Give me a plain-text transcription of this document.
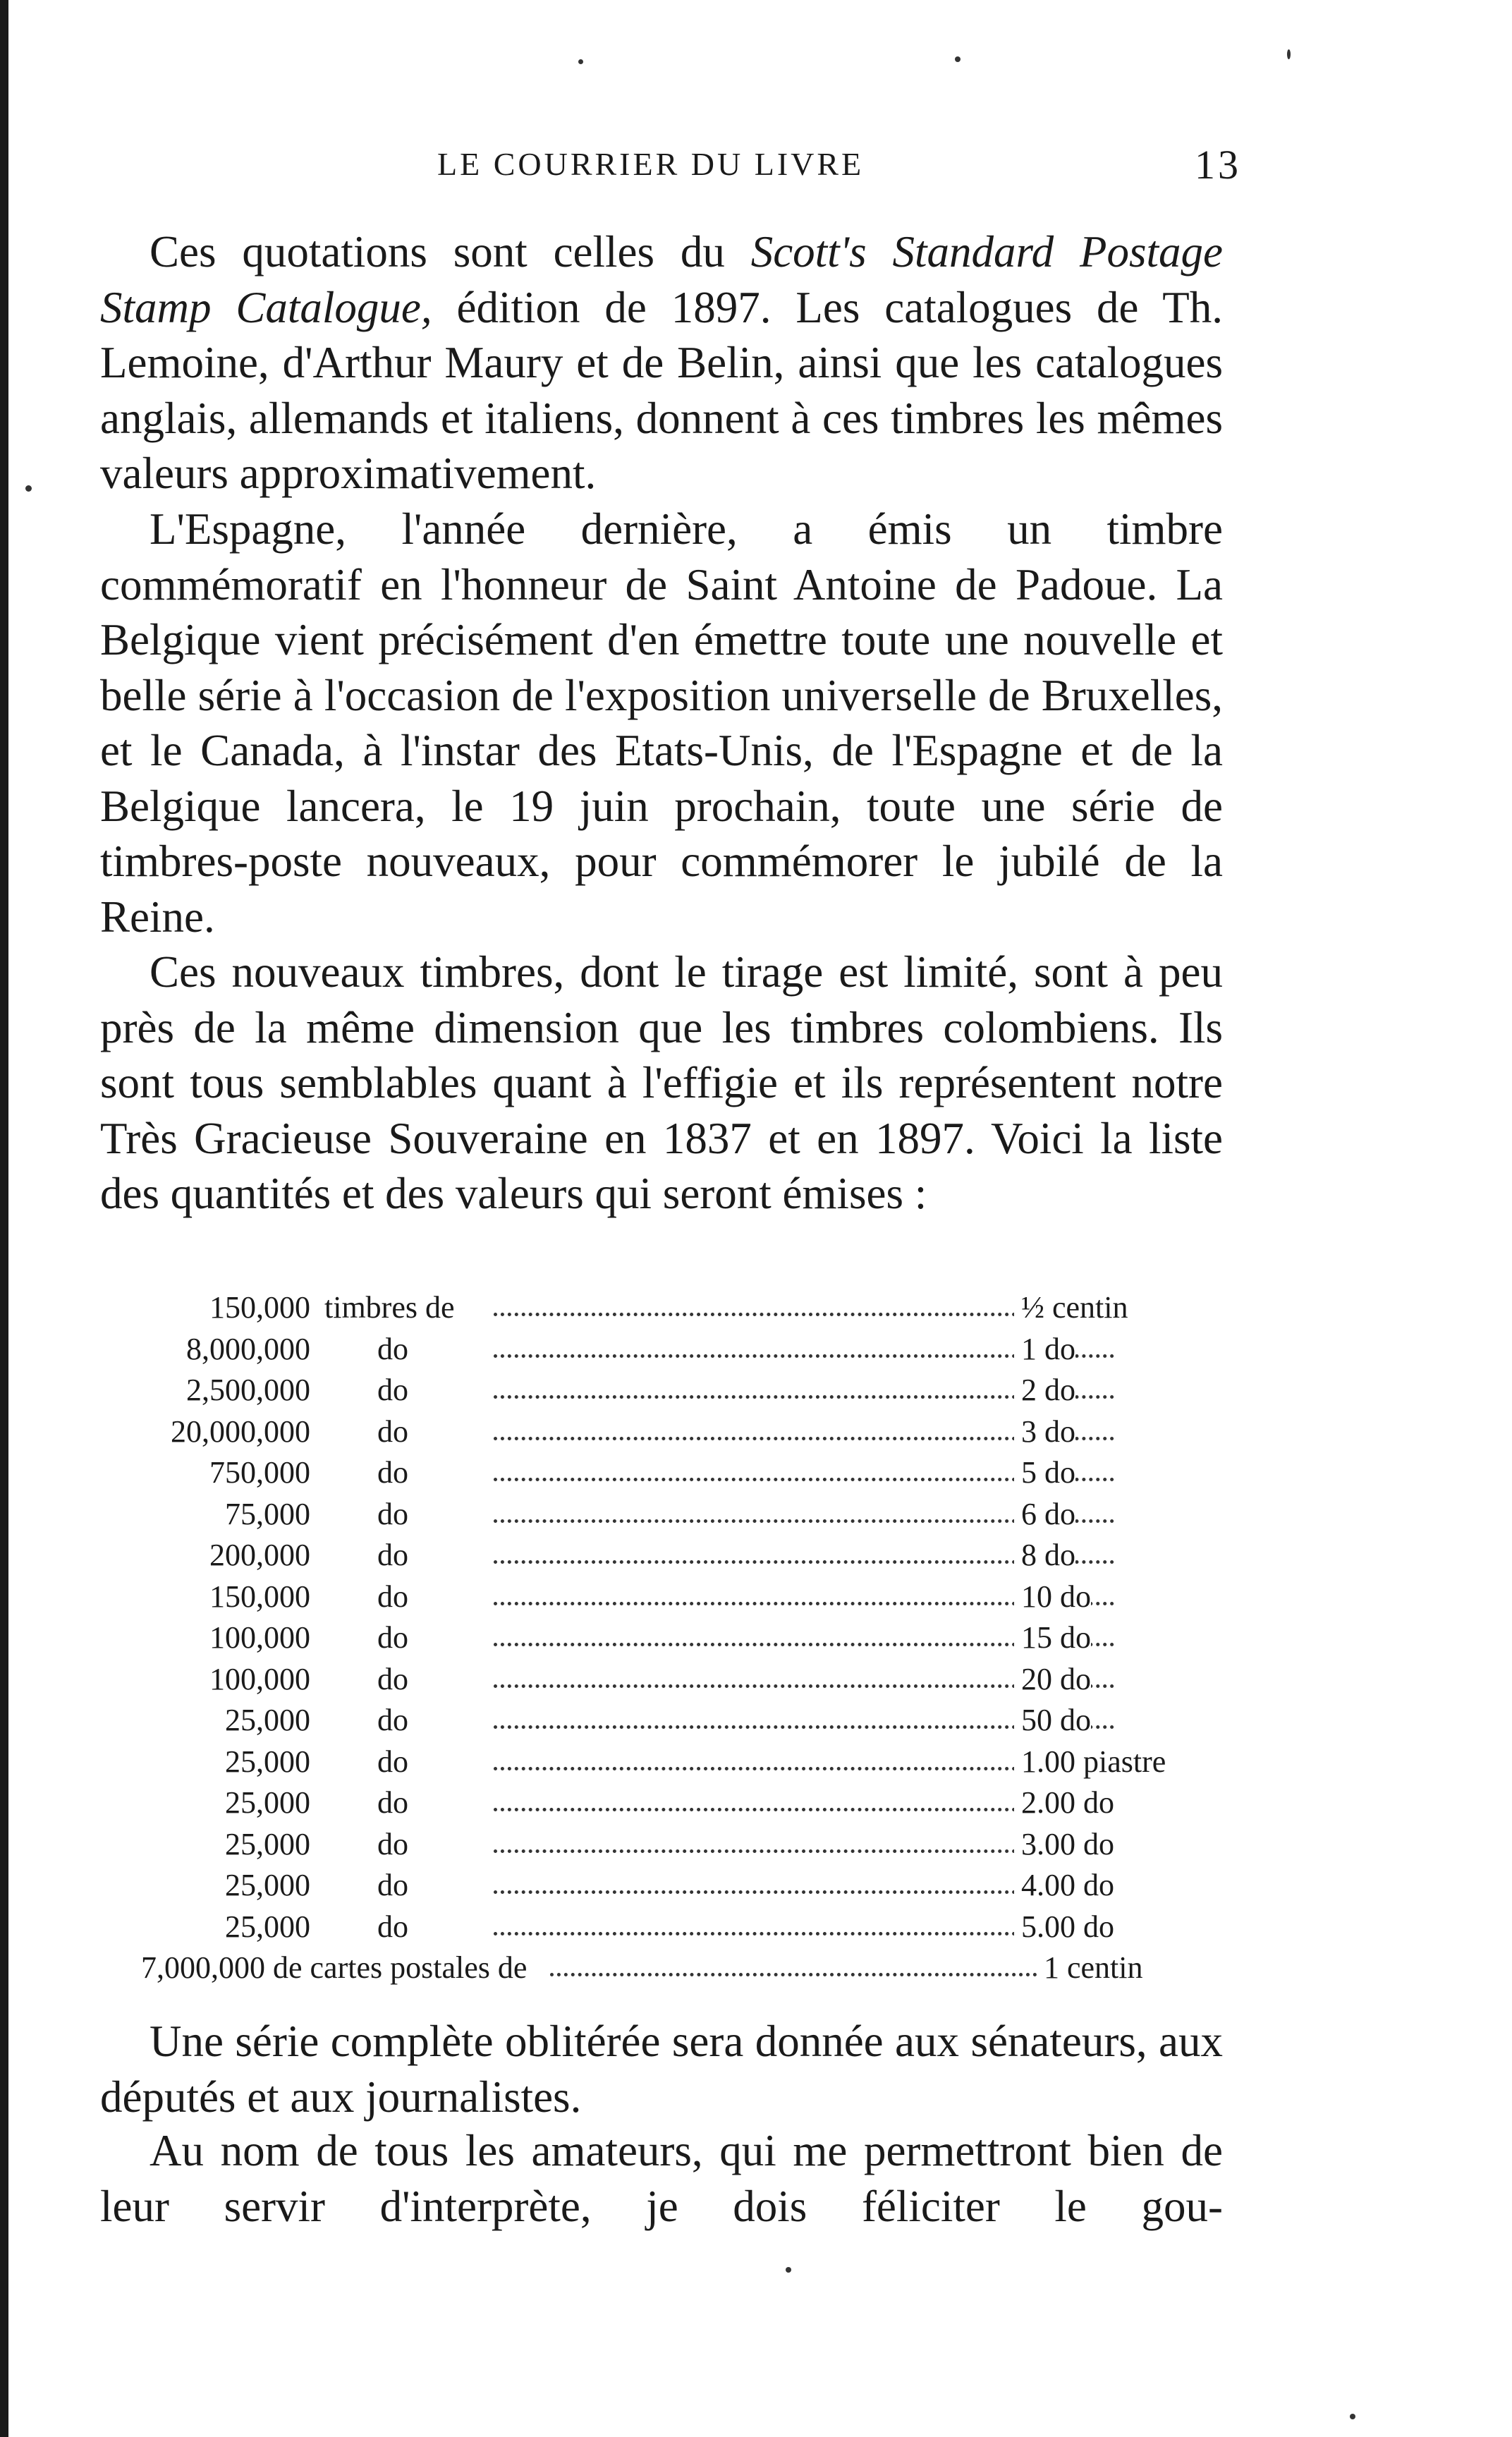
LE COURRIER DU LIVRE	13

Ces quotations sont celles du Scott's Standard Postage Stamp Catalogue, édition de 1897. Les catalogues de Th. Lemoine, d'Arthur Maury et de Belin, ainsi que les catalogues anglais, allemands et italiens, donnent à ces timbres les mêmes valeurs approximativement.

L'Espagne, l'année dernière, a émis un timbre commémoratif en l'honneur de Saint Antoine de Padoue. La Belgique vient précisément d'en émettre toute une nouvelle et belle série à l'occasion de l'exposition universelle de Bruxelles, et le Canada, à l'instar des Etats-Unis, de l'Espagne et de la Belgique lancera, le 19 juin prochain, toute une série de timbres-poste nouveaux, pour commémorer le jubilé de la Reine.

Ces nouveaux timbres, dont le tirage est limité, sont à peu près de la même dimension que les timbres colombiens. Ils sont tous semblables quant à l'effigie et ils représentent notre Très Gracieuse Souveraine en 1837 et en 1897. Voici la liste des quantités et des valeurs qui seront émises :

150,000 timbres de	½ centin
8,000,000 do	1 do
2,500,000 do	2 do
20,000,000 do	3 do
750,000 do	5 do
75,000 do	6 do
200,000 do	8 do
150,000 do	10 do
100,000 do	15 do
100,000 do	20 do
25,000 do	50 do
25,000 do	1.00 piastre
25,000 do	2.00 do
25,000 do	3.00 do
25,000 do	4.00 do
25,000 do	5.00 do
7,000,000 de cartes postales de	1 centin

Une série complète oblitérée sera donnée aux sénateurs, aux députés et aux journalistes.

Au nom de tous les amateurs, qui me permettront bien de leur servir d'interprète, je dois féliciter le gou-
